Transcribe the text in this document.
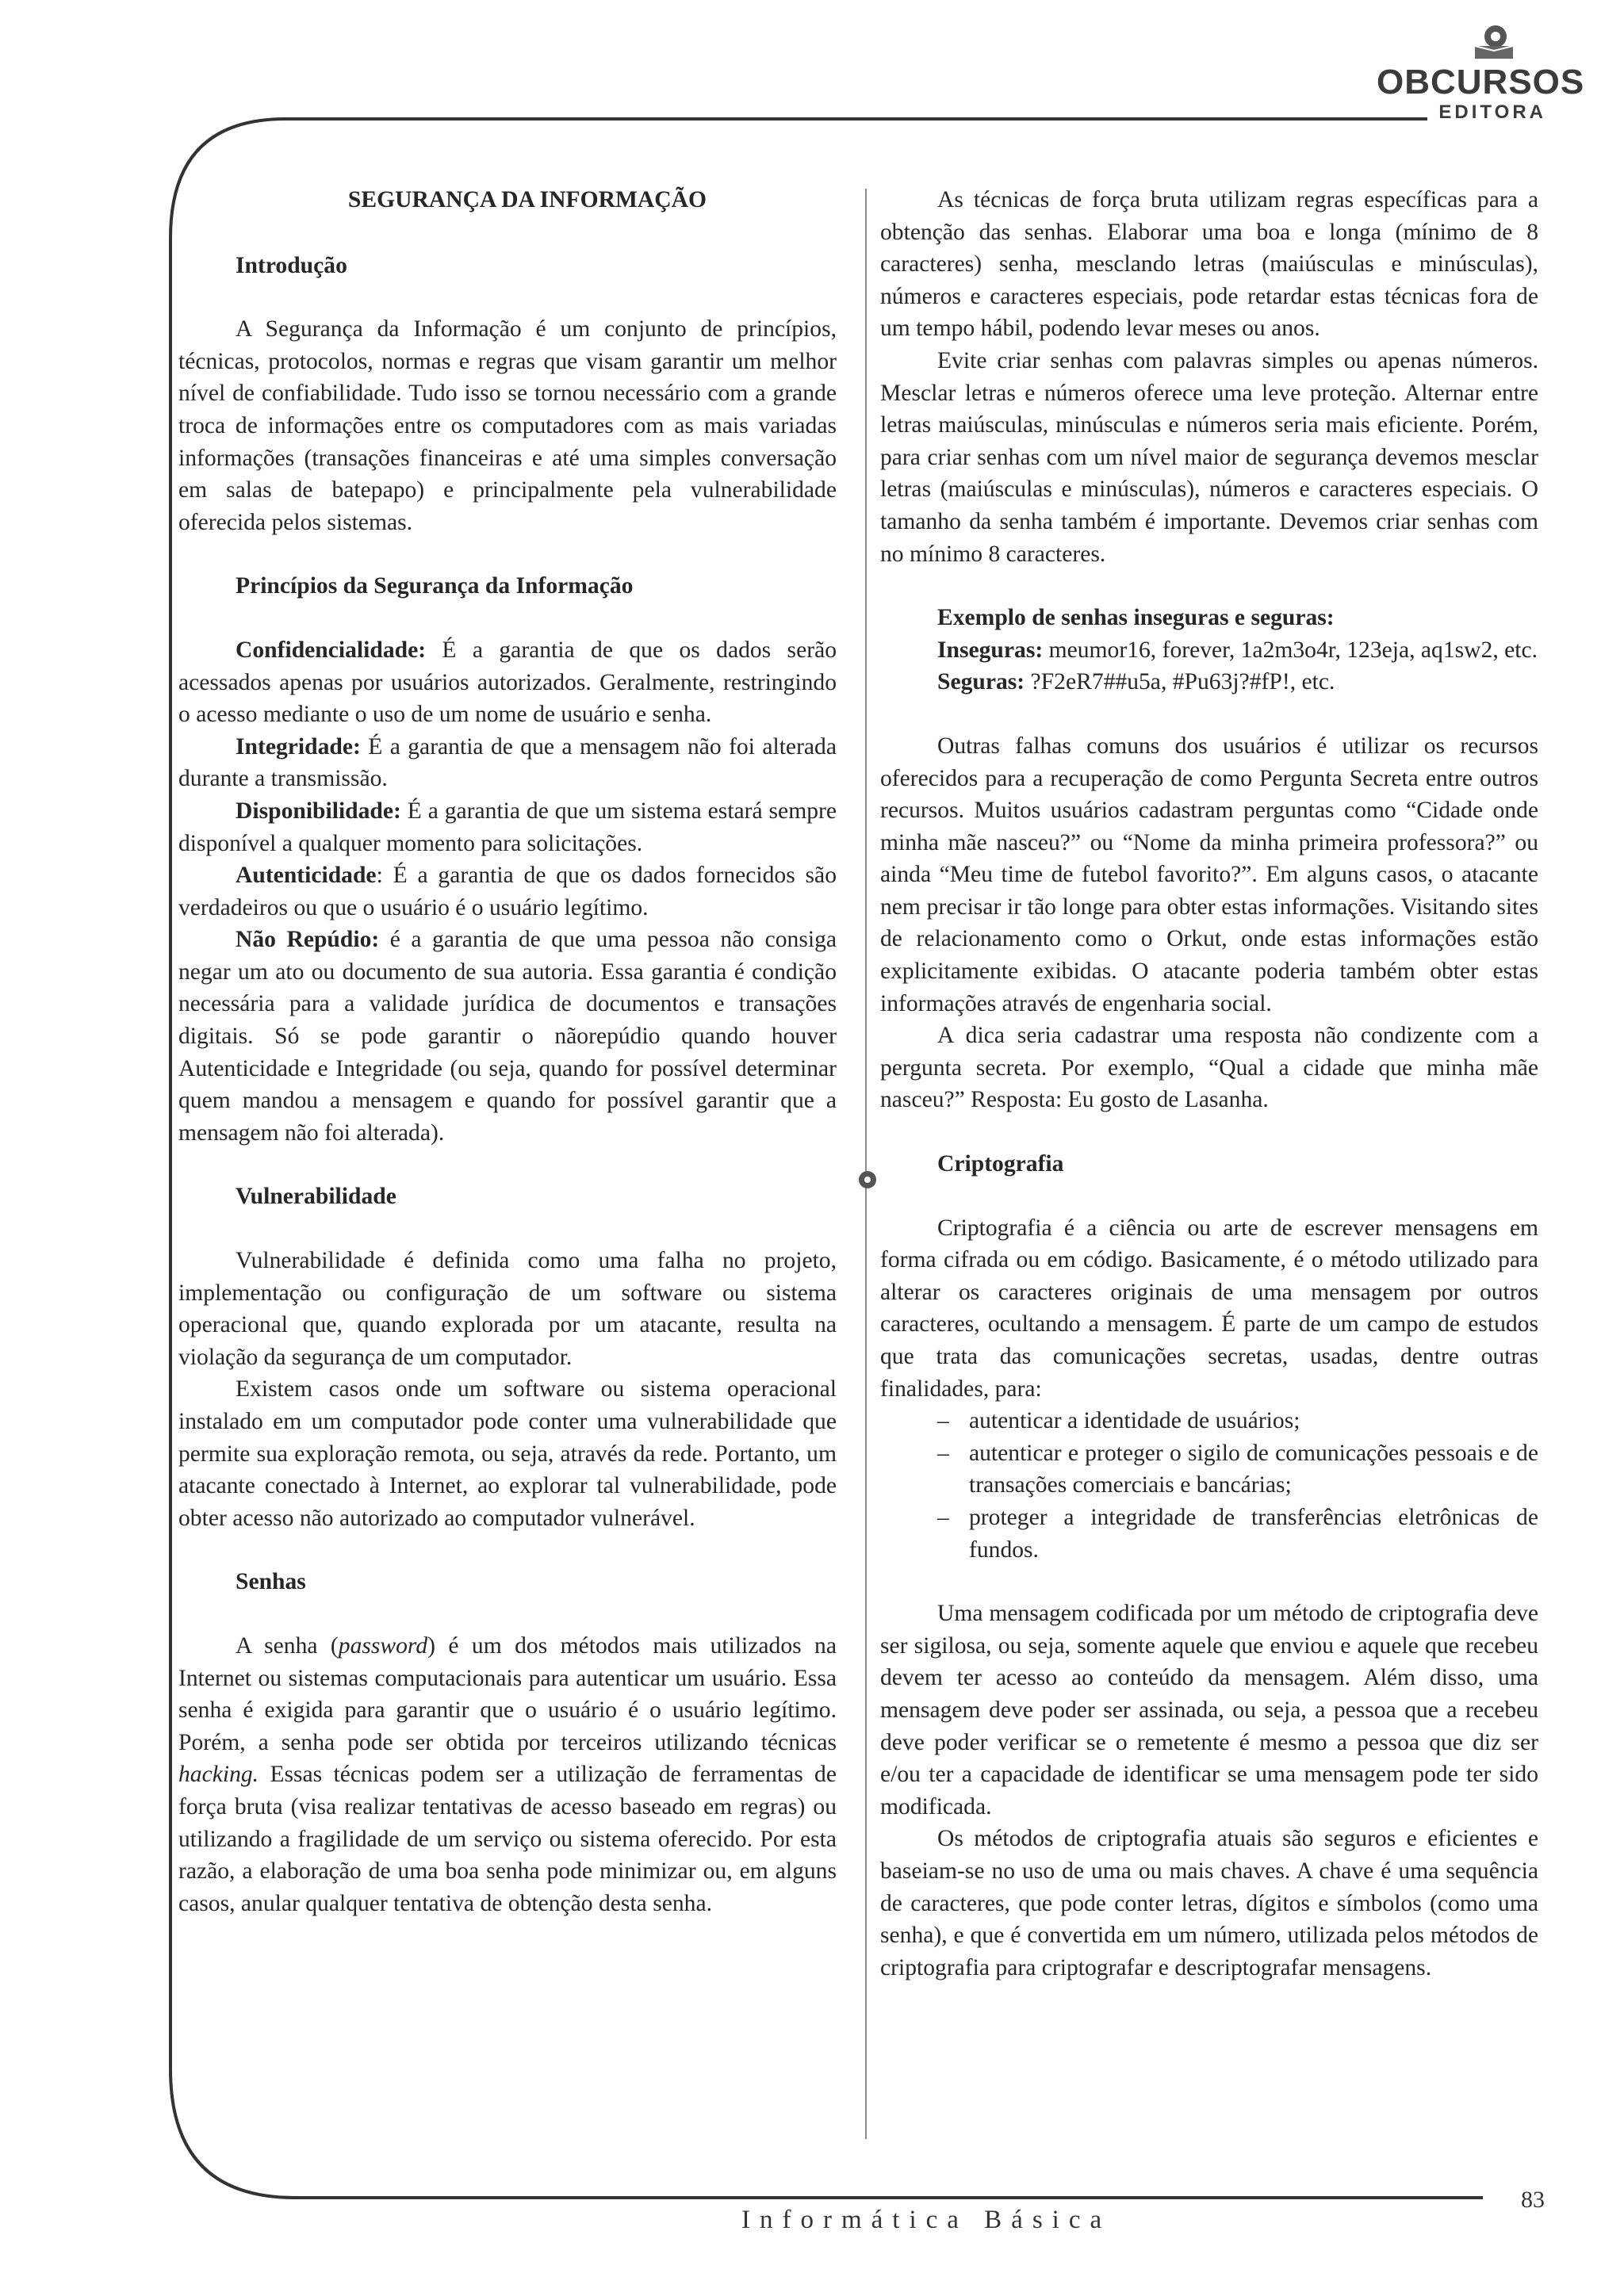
OBCURSOS
EDITORA

SEGURANÇA DA INFORMAÇÃO

Introdução

A Segurança da Informação é um conjunto de princípios, técnicas, protocolos, normas e regras que visam garantir um melhor nível de confiabilidade. Tudo isso se tornou necessário com a grande troca de informações entre os computadores com as mais variadas informações (transações financeiras e até uma simples conversação em salas de batepapo) e principalmente pela vulnerabilidade oferecida pelos sistemas.

Princípios da Segurança da Informação

Confidencialidade: É a garantia de que os dados serão acessados apenas por usuários autorizados. Geralmente, restringindo o acesso mediante o uso de um nome de usuário e senha.

Integridade: É a garantia de que a mensagem não foi alterada durante a transmissão.

Disponibilidade: É a garantia de que um sistema estará sempre disponível a qualquer momento para solicitações.

Autenticidade: É a garantia de que os dados fornecidos são verdadeiros ou que o usuário é o usuário legítimo.

Não Repúdio: é a garantia de que uma pessoa não consiga negar um ato ou documento de sua autoria. Essa garantia é condição necessária para a validade jurídica de documentos e transações digitais. Só se pode garantir o nãorepúdio quando houver Autenticidade e Integridade (ou seja, quando for possível determinar quem mandou a mensagem e quando for possível garantir que a mensagem não foi alterada).

Vulnerabilidade

Vulnerabilidade é definida como uma falha no projeto, implementação ou configuração de um software ou sistema operacional que, quando explorada por um atacante, resulta na violação da segurança de um computador.

Existem casos onde um software ou sistema operacional instalado em um computador pode conter uma vulnerabilidade que permite sua exploração remota, ou seja, através da rede. Portanto, um atacante conectado à Internet, ao explorar tal vulnerabilidade, pode obter acesso não autorizado ao computador vulnerável.

Senhas

A senha (password) é um dos métodos mais utilizados na Internet ou sistemas computacionais para autenticar um usuário. Essa senha é exigida para garantir que o usuário é o usuário legítimo. Porém, a senha pode ser obtida por terceiros utilizando técnicas hacking. Essas técnicas podem ser a utilização de ferramentas de força bruta (visa realizar tentativas de acesso baseado em regras) ou utilizando a fragilidade de um serviço ou sistema oferecido. Por esta razão, a elaboração de uma boa senha pode minimizar ou, em alguns casos, anular qualquer tentativa de obtenção desta senha.

As técnicas de força bruta utilizam regras específicas para a obtenção das senhas. Elaborar uma boa e longa (mínimo de 8 caracteres) senha, mesclando letras (maiúsculas e minúsculas), números e caracteres especiais, pode retardar estas técnicas fora de um tempo hábil, podendo levar meses ou anos.

Evite criar senhas com palavras simples ou apenas números. Mesclar letras e números oferece uma leve proteção. Alternar entre letras maiúsculas, minúsculas e números seria mais eficiente. Porém, para criar senhas com um nível maior de segurança devemos mesclar letras (maiúsculas e minúsculas), números e caracteres especiais. O tamanho da senha também é importante. Devemos criar senhas com no mínimo 8 caracteres.

Exemplo de senhas inseguras e seguras:

Inseguras: meumor16, forever, 1a2m3o4r, 123eja, aq1sw2, etc.

Seguras: ?F2eR7##u5a, #Pu63j?#fP!, etc.

Outras falhas comuns dos usuários é utilizar os recursos oferecidos para a recuperação de como Pergunta Secreta entre outros recursos. Muitos usuários cadastram perguntas como “Cidade onde minha mãe nasceu?” ou “Nome da minha primeira professora?” ou ainda “Meu time de futebol favorito?”. Em alguns casos, o atacante nem precisar ir tão longe para obter estas informações. Visitando sites de relacionamento como o Orkut, onde estas informações estão explicitamente exibidas. O atacante poderia também obter estas informações através de engenharia social.

A dica seria cadastrar uma resposta não condizente com a pergunta secreta. Por exemplo, “Qual a cidade que minha mãe nasceu?” Resposta: Eu gosto de Lasanha.

Criptografia

Criptografia é a ciência ou arte de escrever mensagens em forma cifrada ou em código. Basicamente, é o método utilizado para alterar os caracteres originais de uma mensagem por outros caracteres, ocultando a mensagem. É parte de um campo de estudos que trata das comunicações secretas, usadas, dentre outras finalidades, para:

– autenticar a identidade de usuários;
– autenticar e proteger o sigilo de comunicações pessoais e de transações comerciais e bancárias;
– proteger a integridade de transferências eletrônicas de fundos.

Uma mensagem codificada por um método de criptografia deve ser sigilosa, ou seja, somente aquele que enviou e aquele que recebeu devem ter acesso ao conteúdo da mensagem. Além disso, uma mensagem deve poder ser assinada, ou seja, a pessoa que a recebeu deve poder verificar se o remetente é mesmo a pessoa que diz ser e/ou ter a capacidade de identificar se uma mensagem pode ter sido modificada.

Os métodos de criptografia atuais são seguros e eficientes e baseiam-se no uso de uma ou mais chaves. A chave é uma sequência de caracteres, que pode conter letras, dígitos e símbolos (como uma senha), e que é convertida em um número, utilizada pelos métodos de criptografia para criptografar e descriptografar mensagens.

83
Informática Básica
